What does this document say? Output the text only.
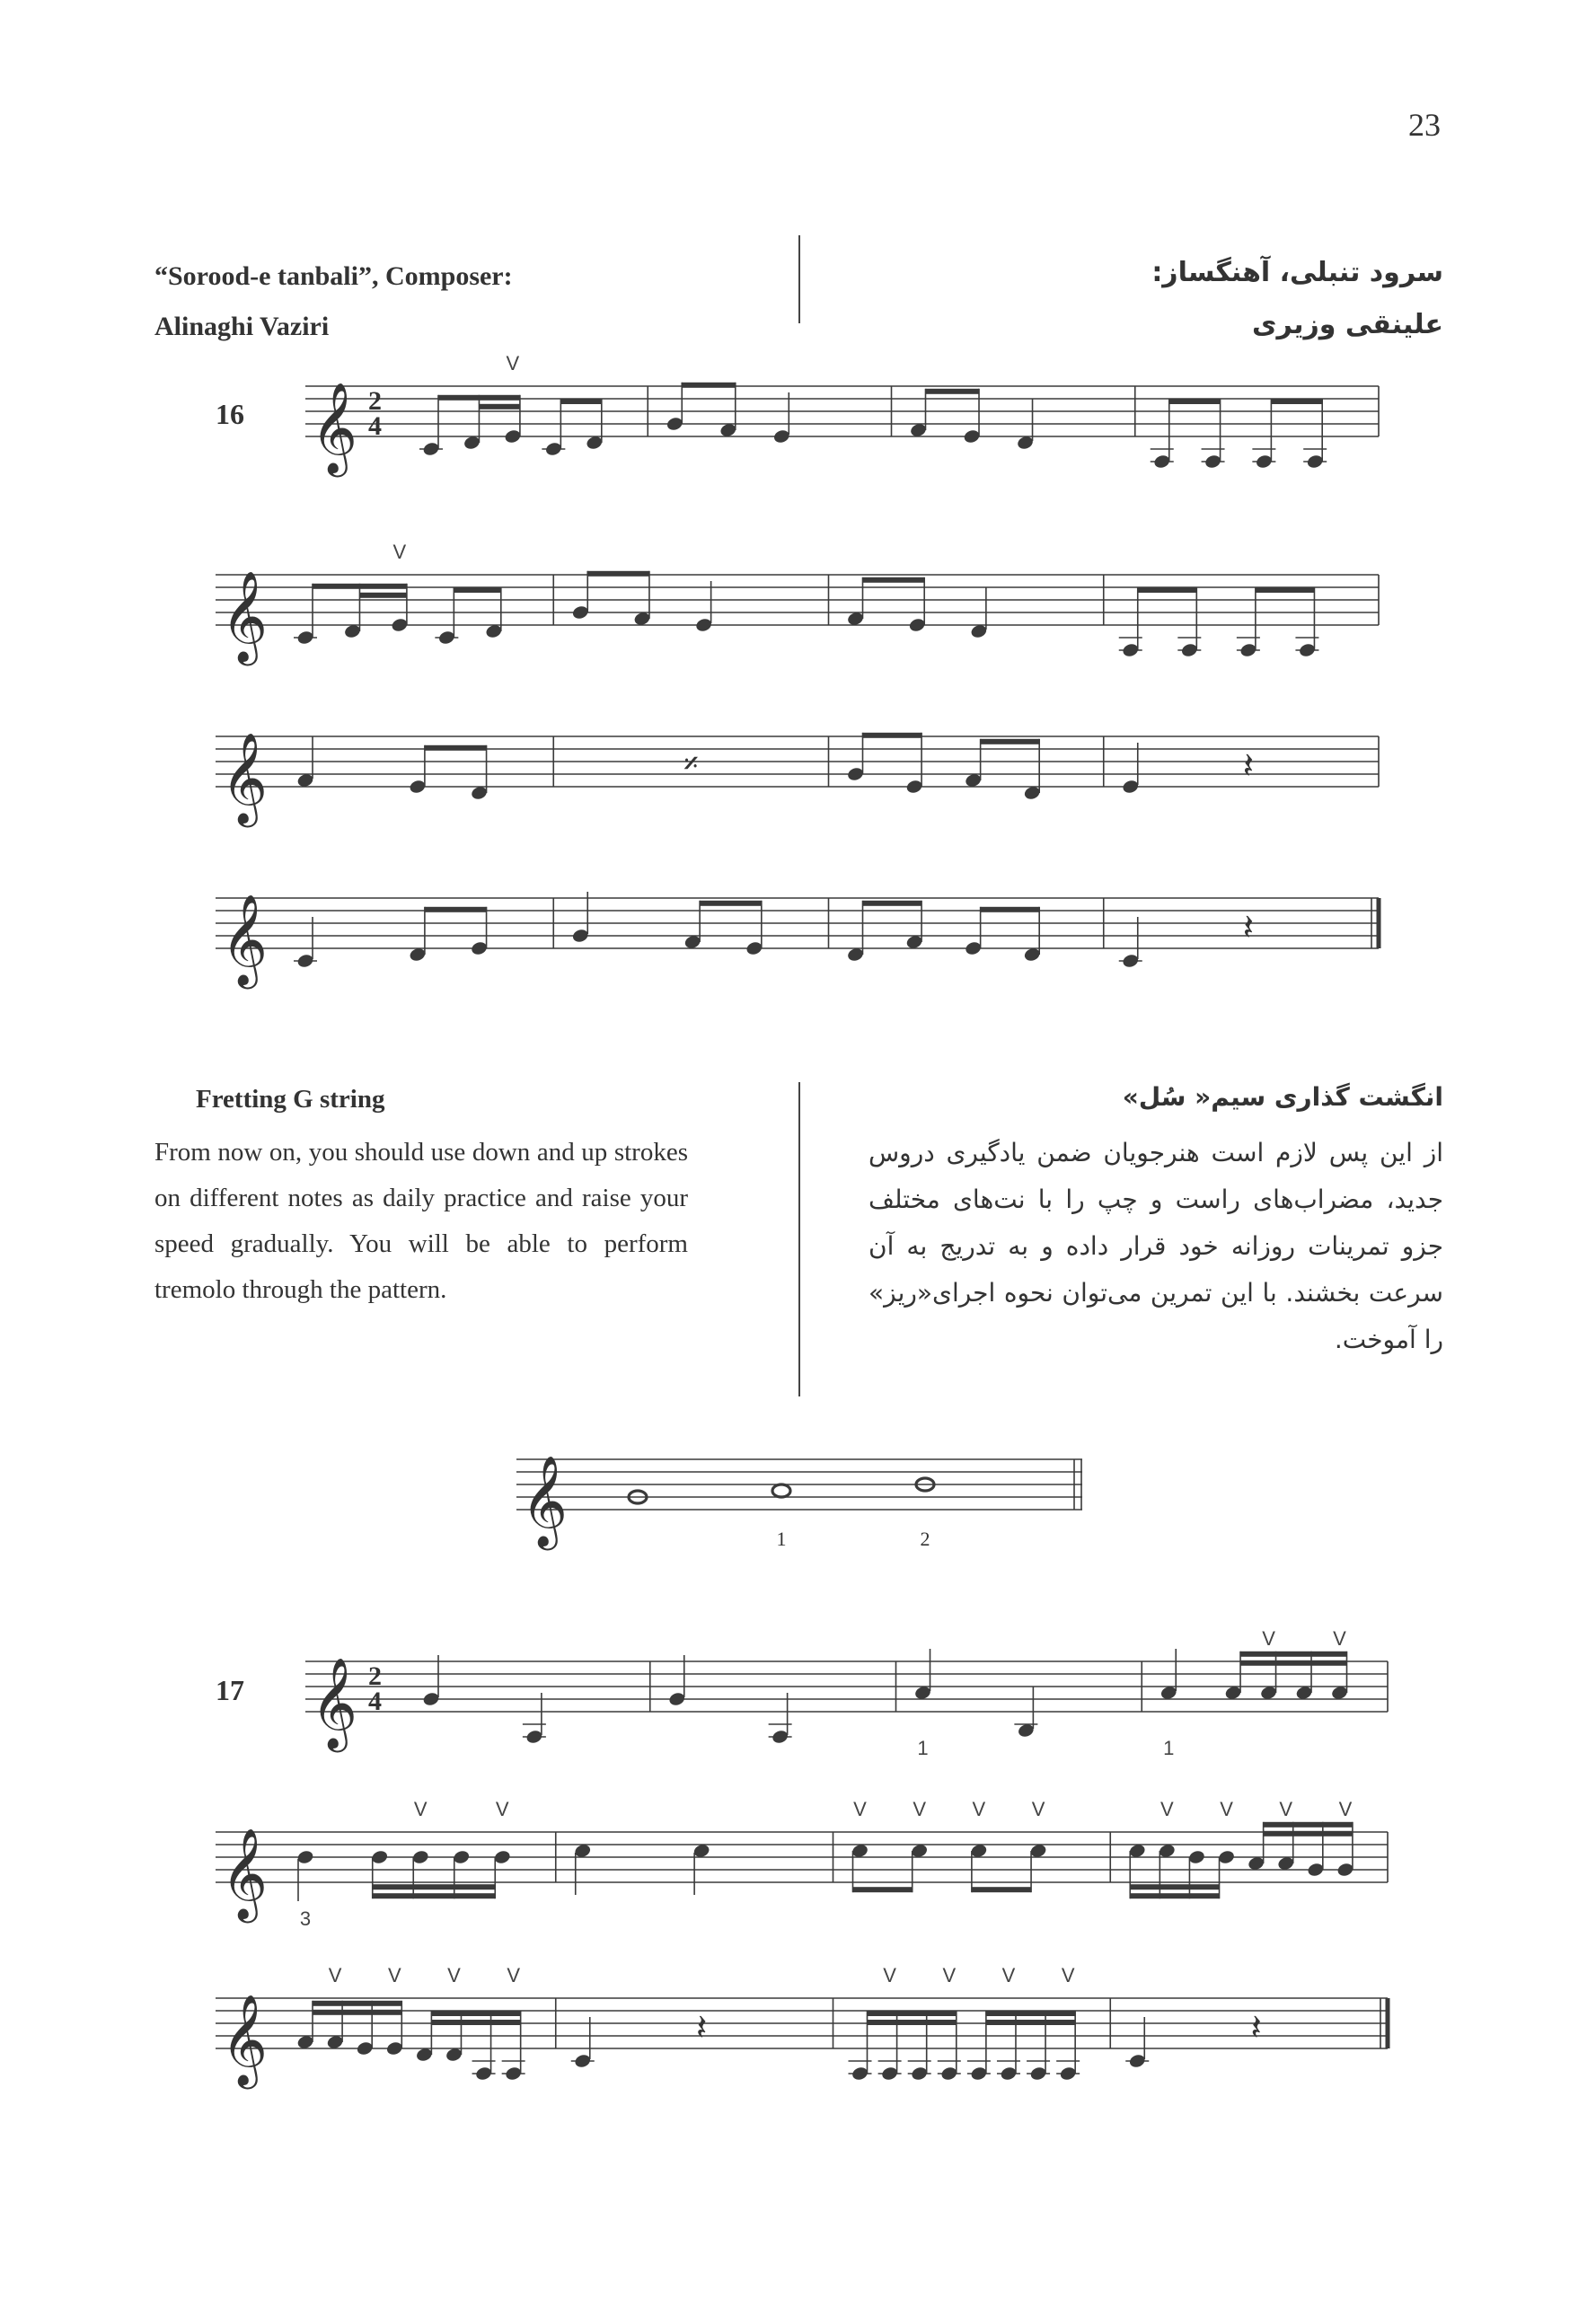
23
“Sorood-e tanbali”, Composer:
Alinaghi Vaziri
سرود تنبلی، آهنگساز:
علینقی وزیری
Fretting G string
From now on, you should use down and up strokes on different notes as daily practice and raise your speed gradually. You will be able to perform tremolo through the pattern.
انگشت گذاری سیم« سُل»
از این پس لازم است هنرجویان ضمن یادگیری دروس جدید، مضراب‌های راست و چپ را با نت‌های مختلف جزو تمرینات روزانه خود قرار داده و به تدریج به آن سرعت بخشند. با این تمرین می‌توان نحوه اجرای«ریز» را آموخت.
16 𝄞 2
4
V
𝄞
V
𝄞	𝄎	𝄽
𝄞	𝄽
𝄞	1	2
17 𝄞 2
4
1	1
V	V
𝄞 3
V	V	V V V V	V V V V
𝄞
V V V V
𝄽
V V V V
𝄽
